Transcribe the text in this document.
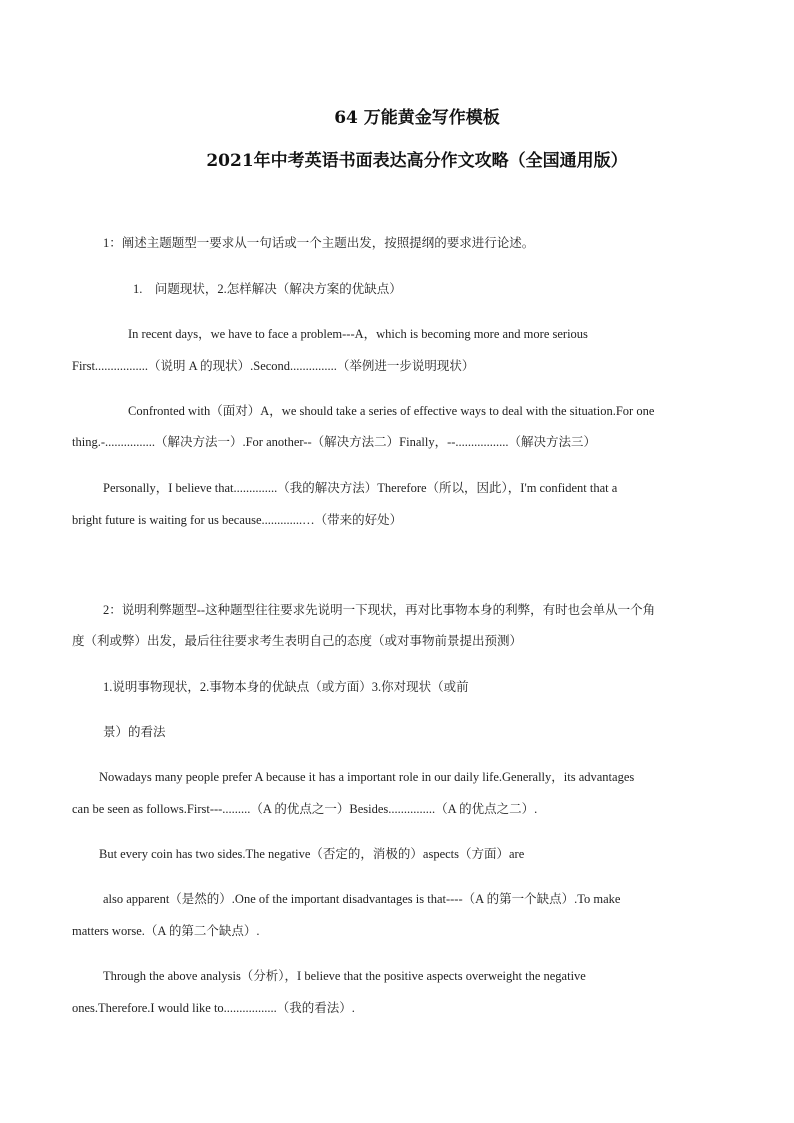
64 万能黄金写作模板
2021年中考英语书面表达高分作文攻略（全国通用版）
1：阐述主题题型一要求从一句话或一个主题出发，按照提纲的要求进行论述。
1.　问题现状，2.怎样解决（解决方案的优缺点）
In recent days，we have to face a problem---A，which is becoming more and more serious
First.................（说明 A 的现状）.Second...............（举例进一步说明现状）
Confronted with（面对）A，we should take a series of effective ways to deal with the situation.For one
thing.-................（解决方法一）.For another--（解决方法二）Finally，--.................（解决方法三）
Personally，I believe that..............（我的解决方法）Therefore（所以，因此），I'm confident that a
bright future is waiting for us because.............…（带来的好处）
2：说明利弊题型--这种题型往往要求先说明一下现状，再对比事物本身的利弊，有时也会单从一个角
度（利或弊）出发，最后往往要求考生表明自己的态度（或对事物前景提出预测）
1.说明事物现状，2.事物本身的优缺点（或方面）3.你对现状（或前
景）的看法
Nowadays many people prefer A because it has a important role in our daily life.Generally，its advantages
can be seen as follows.First---.........（A 的优点之一）Besides...............（A 的优点之二）.
But every coin has two sides.The negative（否定的，消极的）aspects（方面）are
also apparent（是然的）.One of the important disadvantages is that----（A 的第一个缺点）.To make
matters worse.（A 的第二个缺点）.
Through the above analysis（分析），I believe that the positive aspects overweight the negative
ones.Therefore.I would like to.................（我的看法）.
